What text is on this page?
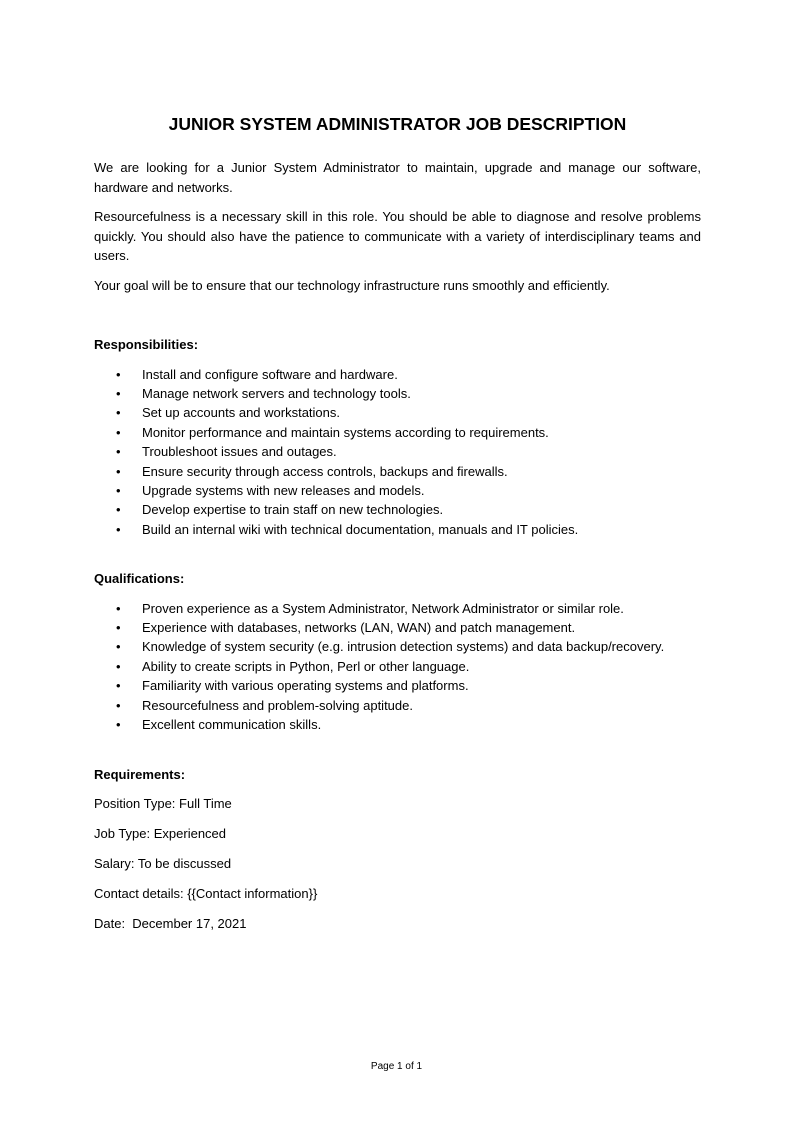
JUNIOR SYSTEM ADMINISTRATOR JOB DESCRIPTION

We are looking for a Junior System Administrator to maintain, upgrade and manage our software, hardware and networks.

Resourcefulness is a necessary skill in this role. You should be able to diagnose and resolve problems quickly. You should also have the patience to communicate with a variety of interdisciplinary teams and users.

Your goal will be to ensure that our technology infrastructure runs smoothly and efficiently.

Responsibilities:
• Install and configure software and hardware.
• Manage network servers and technology tools.
• Set up accounts and workstations.
• Monitor performance and maintain systems according to requirements.
• Troubleshoot issues and outages.
• Ensure security through access controls, backups and firewalls.
• Upgrade systems with new releases and models.
• Develop expertise to train staff on new technologies.
• Build an internal wiki with technical documentation, manuals and IT policies.
Qualifications:
• Proven experience as a System Administrator, Network Administrator or similar role.
• Experience with databases, networks (LAN, WAN) and patch management.
• Knowledge of system security (e.g. intrusion detection systems) and data backup/recovery.
• Ability to create scripts in Python, Perl or other language.
• Familiarity with various operating systems and platforms.
• Resourcefulness and problem-solving aptitude.
• Excellent communication skills.
Requirements:
Position Type: Full Time
Job Type: Experienced
Salary: To be discussed
Contact details: {{Contact information}}
Date:  December 17, 2021
Page 1 of 1
